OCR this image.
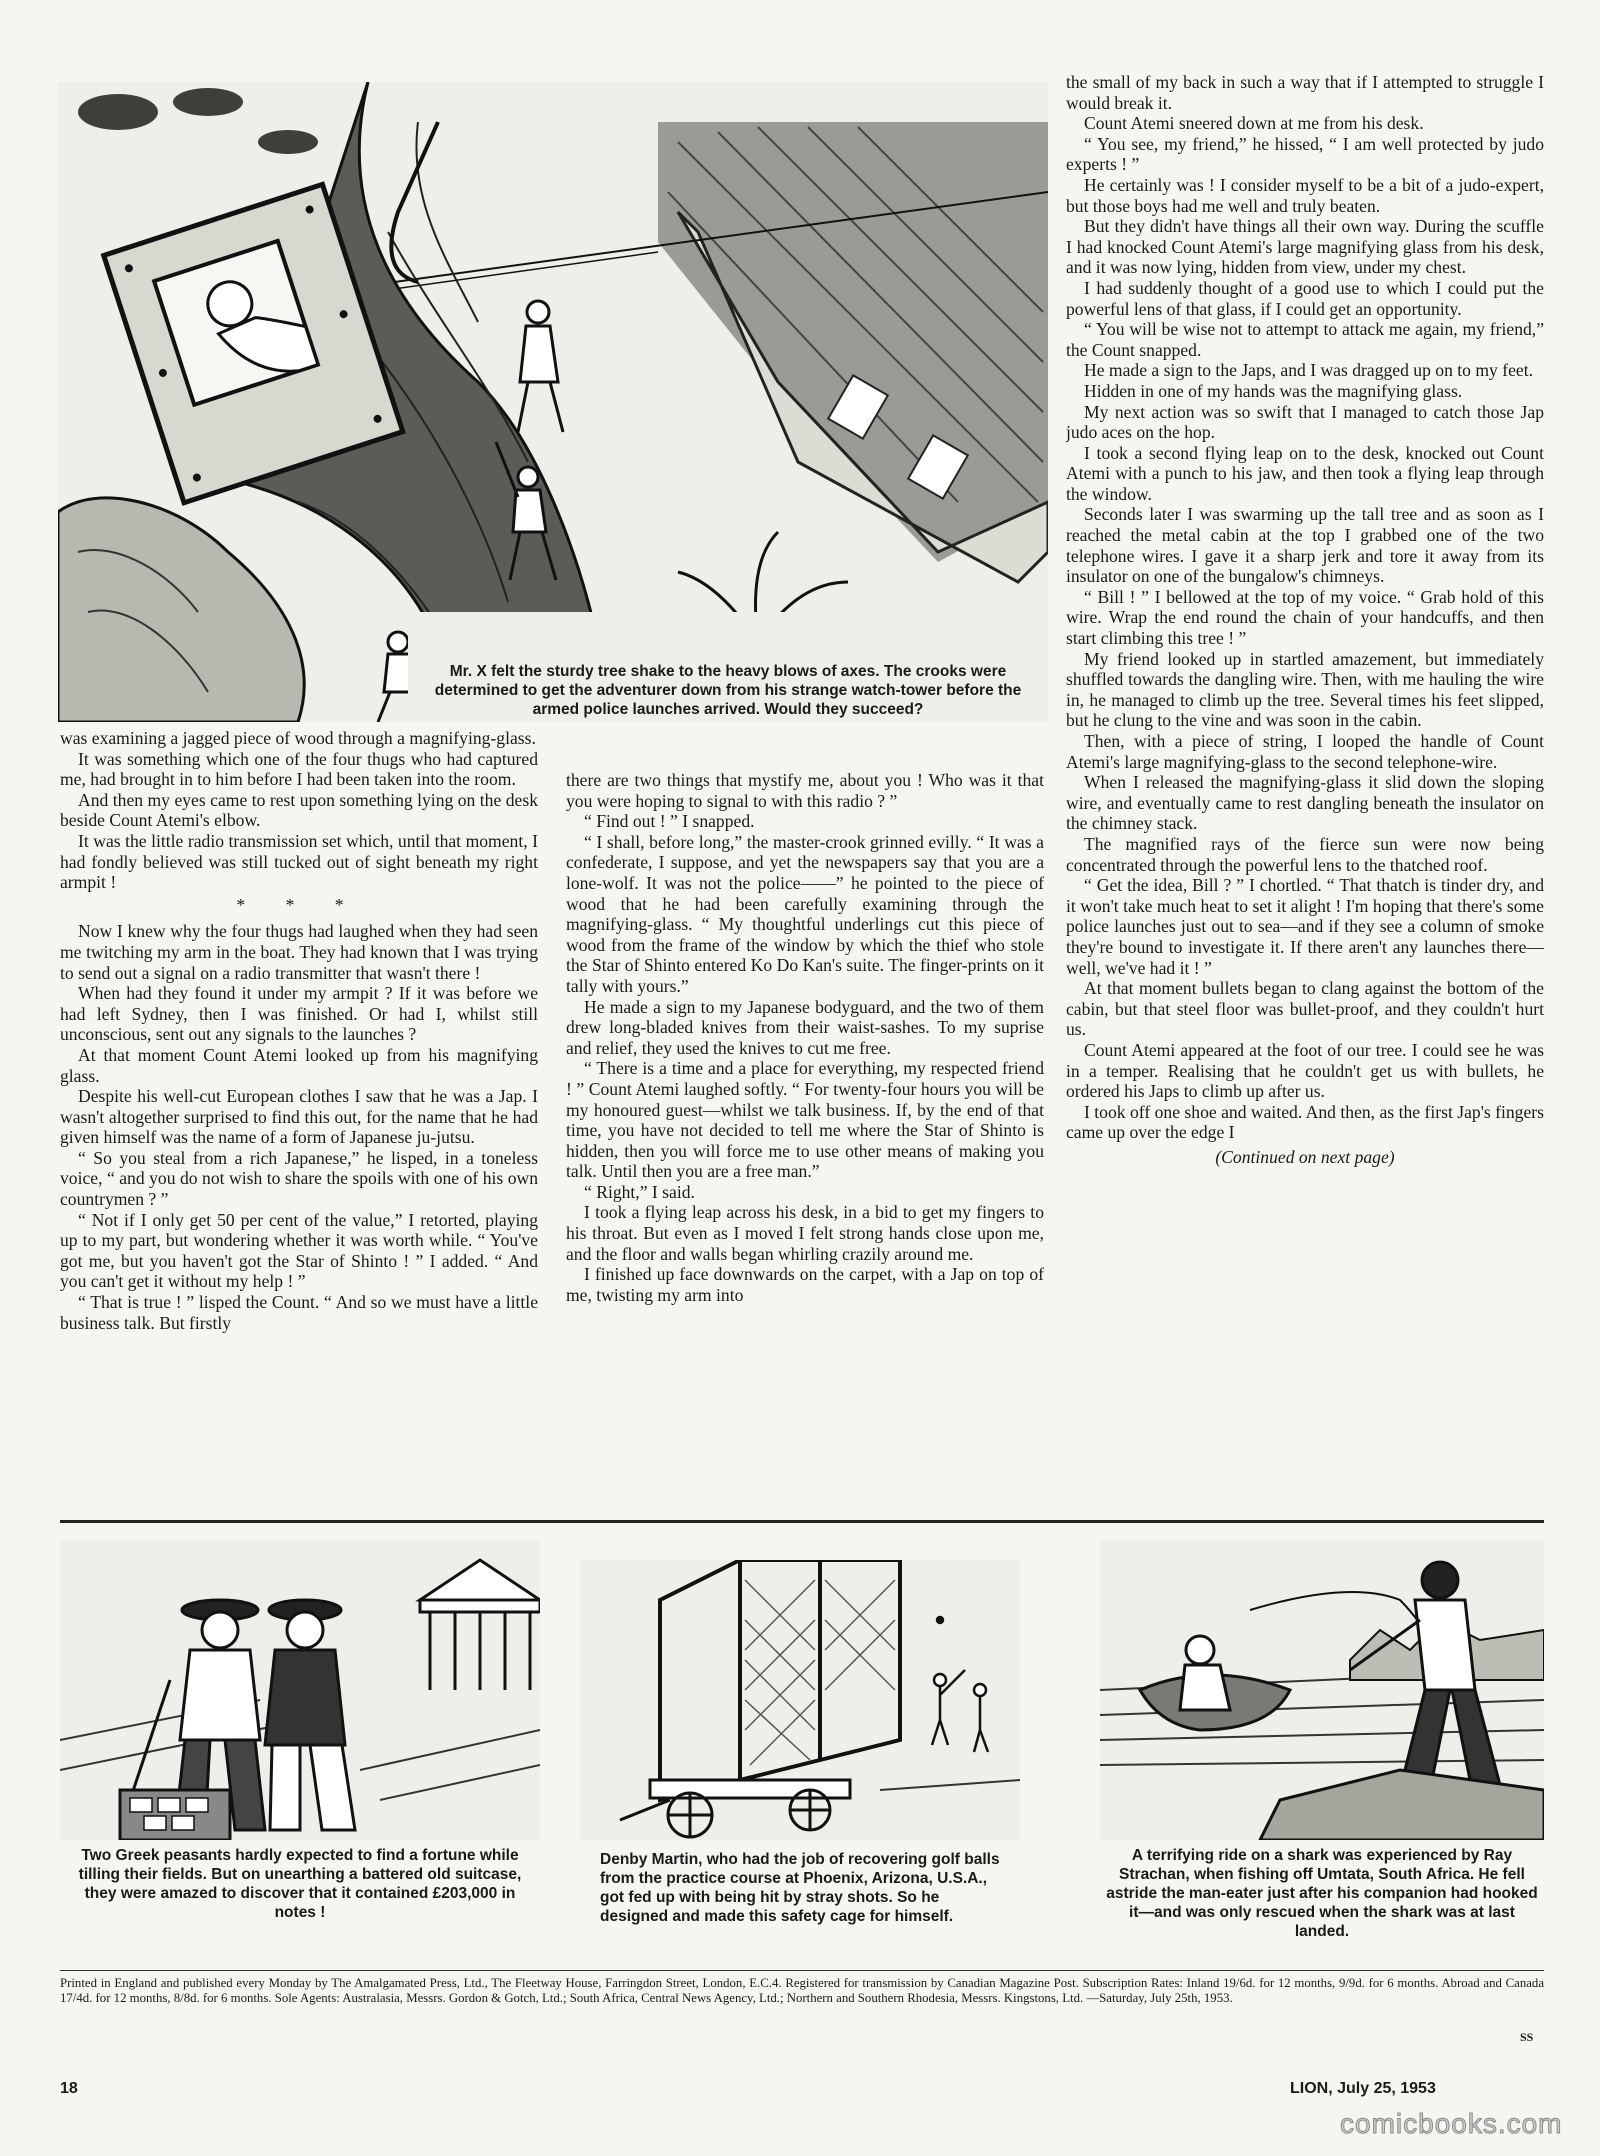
Mr. X felt the sturdy tree shake to the heavy blows of axes. The crooks were determined to get the adventurer down from his strange watch-tower before the armed police launches arrived. Would they succeed?

was examining a jagged piece of wood through a magnifying-glass.

It was something which one of the four thugs who had captured me, had brought in to him before I had been taken into the room.

And then my eyes came to rest upon something lying on the desk beside Count Atemi's elbow.

It was the little radio transmission set which, until that moment, I had fondly believed was still tucked out of sight beneath my right armpit !

* * *

Now I knew why the four thugs had laughed when they had seen me twitching my arm in the boat. They had known that I was trying to send out a signal on a radio transmitter that wasn't there !

When had they found it under my armpit ? If it was before we had left Sydney, then I was finished. Or had I, whilst still unconscious, sent out any signals to the launches ?

At that moment Count Atemi looked up from his magnifying glass.

Despite his well-cut European clothes I saw that he was a Jap. I wasn't altogether surprised to find this out, for the name that he had given himself was the name of a form of Japanese ju-jutsu.

“ So you steal from a rich Japanese,” he lisped, in a toneless voice, “ and you do not wish to share the spoils with one of his own countrymen ? ”

“ Not if I only get 50 per cent of the value,” I retorted, playing up to my part, but wondering whether it was worth while. “ You've got me, but you haven't got the Star of Shinto ! ” I added. “ And you can't get it without my help ! ”

“ That is true ! ” lisped the Count. “ And so we must have a little business talk. But firstly

there are two things that mystify me, about you ! Who was it that you were hoping to signal to with this radio ? ”

“ Find out ! ” I snapped.

“ I shall, before long,” the master-crook grinned evilly. “ It was a confederate, I suppose, and yet the newspapers say that you are a lone-wolf. It was not the police——” he pointed to the piece of wood that he had been carefully examining through the magnifying-glass. “ My thoughtful underlings cut this piece of wood from the frame of the window by which the thief who stole the Star of Shinto entered Ko Do Kan's suite. The finger-prints on it tally with yours.”

He made a sign to my Japanese bodyguard, and the two of them drew long-bladed knives from their waist-sashes. To my suprise and relief, they used the knives to cut me free.

“ There is a time and a place for everything, my respected friend ! ” Count Atemi laughed softly. “ For twenty-four hours you will be my honoured guest—whilst we talk business. If, by the end of that time, you have not decided to tell me where the Star of Shinto is hidden, then you will force me to use other means of making you talk. Until then you are a free man.”

“ Right,” I said.

I took a flying leap across his desk, in a bid to get my fingers to his throat. But even as I moved I felt strong hands close upon me, and the floor and walls began whirling crazily around me.

I finished up face downwards on the carpet, with a Jap on top of me, twisting my arm into

the small of my back in such a way that if I attempted to struggle I would break it.

Count Atemi sneered down at me from his desk.

“ You see, my friend,” he hissed, “ I am well protected by judo experts ! ”

He certainly was ! I consider myself to be a bit of a judo-expert, but those boys had me well and truly beaten.

But they didn't have things all their own way. During the scuffle I had knocked Count Atemi's large magnifying glass from his desk, and it was now lying, hidden from view, under my chest.

I had suddenly thought of a good use to which I could put the powerful lens of that glass, if I could get an opportunity.

“ You will be wise not to attempt to attack me again, my friend,” the Count snapped.

He made a sign to the Japs, and I was dragged up on to my feet.

Hidden in one of my hands was the magnifying glass.

My next action was so swift that I managed to catch those Jap judo aces on the hop.

I took a second flying leap on to the desk, knocked out Count Atemi with a punch to his jaw, and then took a flying leap through the window.

Seconds later I was swarming up the tall tree and as soon as I reached the metal cabin at the top I grabbed one of the two telephone wires. I gave it a sharp jerk and tore it away from its insulator on one of the bungalow's chimneys.

“ Bill ! ” I bellowed at the top of my voice. “ Grab hold of this wire. Wrap the end round the chain of your handcuffs, and then start climbing this tree ! ”

My friend looked up in startled amazement, but immediately shuffled towards the dangling wire. Then, with me hauling the wire in, he managed to climb up the tree. Several times his feet slipped, but he clung to the vine and was soon in the cabin.

Then, with a piece of string, I looped the handle of Count Atemi's large magnifying-glass to the second telephone-wire.

When I released the magnifying-glass it slid down the sloping wire, and eventually came to rest dangling beneath the insulator on the chimney stack.

The magnified rays of the fierce sun were now being concentrated through the powerful lens to the thatched roof.

“ Get the idea, Bill ? ” I chortled. “ That thatch is tinder dry, and it won't take much heat to set it alight ! I'm hoping that there's some police launches just out to sea—and if they see a column of smoke they're bound to investigate it. If there aren't any launches there—well, we've had it ! ”

At that moment bullets began to clang against the bottom of the cabin, but that steel floor was bullet-proof, and they couldn't hurt us.

Count Atemi appeared at the foot of our tree. I could see he was in a temper. Realising that he couldn't get us with bullets, he ordered his Japs to climb up after us.

I took off one shoe and waited. And then, as the first Jap's fingers came up over the edge I

(Continued on next page)

Two Greek peasants hardly expected to find a fortune while tilling their fields. But on unearthing a battered old suitcase, they were amazed to discover that it contained £203,000 in notes !
Denby Martin, who had the job of recovering golf balls from the practice course at Phoenix, Arizona, U.S.A., got fed up with being hit by stray shots. So he designed and made this safety cage for himself.
A terrifying ride on a shark was experienced by Ray Strachan, when fishing off Umtata, South Africa. He fell astride the man-eater just after his companion had hooked it—and was only rescued when the shark was at last landed.
Printed in England and published every Monday by The Amalgamated Press, Ltd., The Fleetway House, Farringdon Street, London, E.C.4. Registered for transmission by Canadian Magazine Post. Subscription Rates: Inland 19/6d. for 12 months, 9/9d. for 6 months. Abroad and Canada 17/4d. for 12 months, 8/8d. for 6 months. Sole Agents: Australasia, Messrs. Gordon & Gotch, Ltd.; South Africa, Central News Agency, Ltd.; Northern and Southern Rhodesia, Messrs. Kingstons, Ltd. —Saturday, July 25th, 1953.
SS
18	LION, July 25, 1953
comicbooks.com
